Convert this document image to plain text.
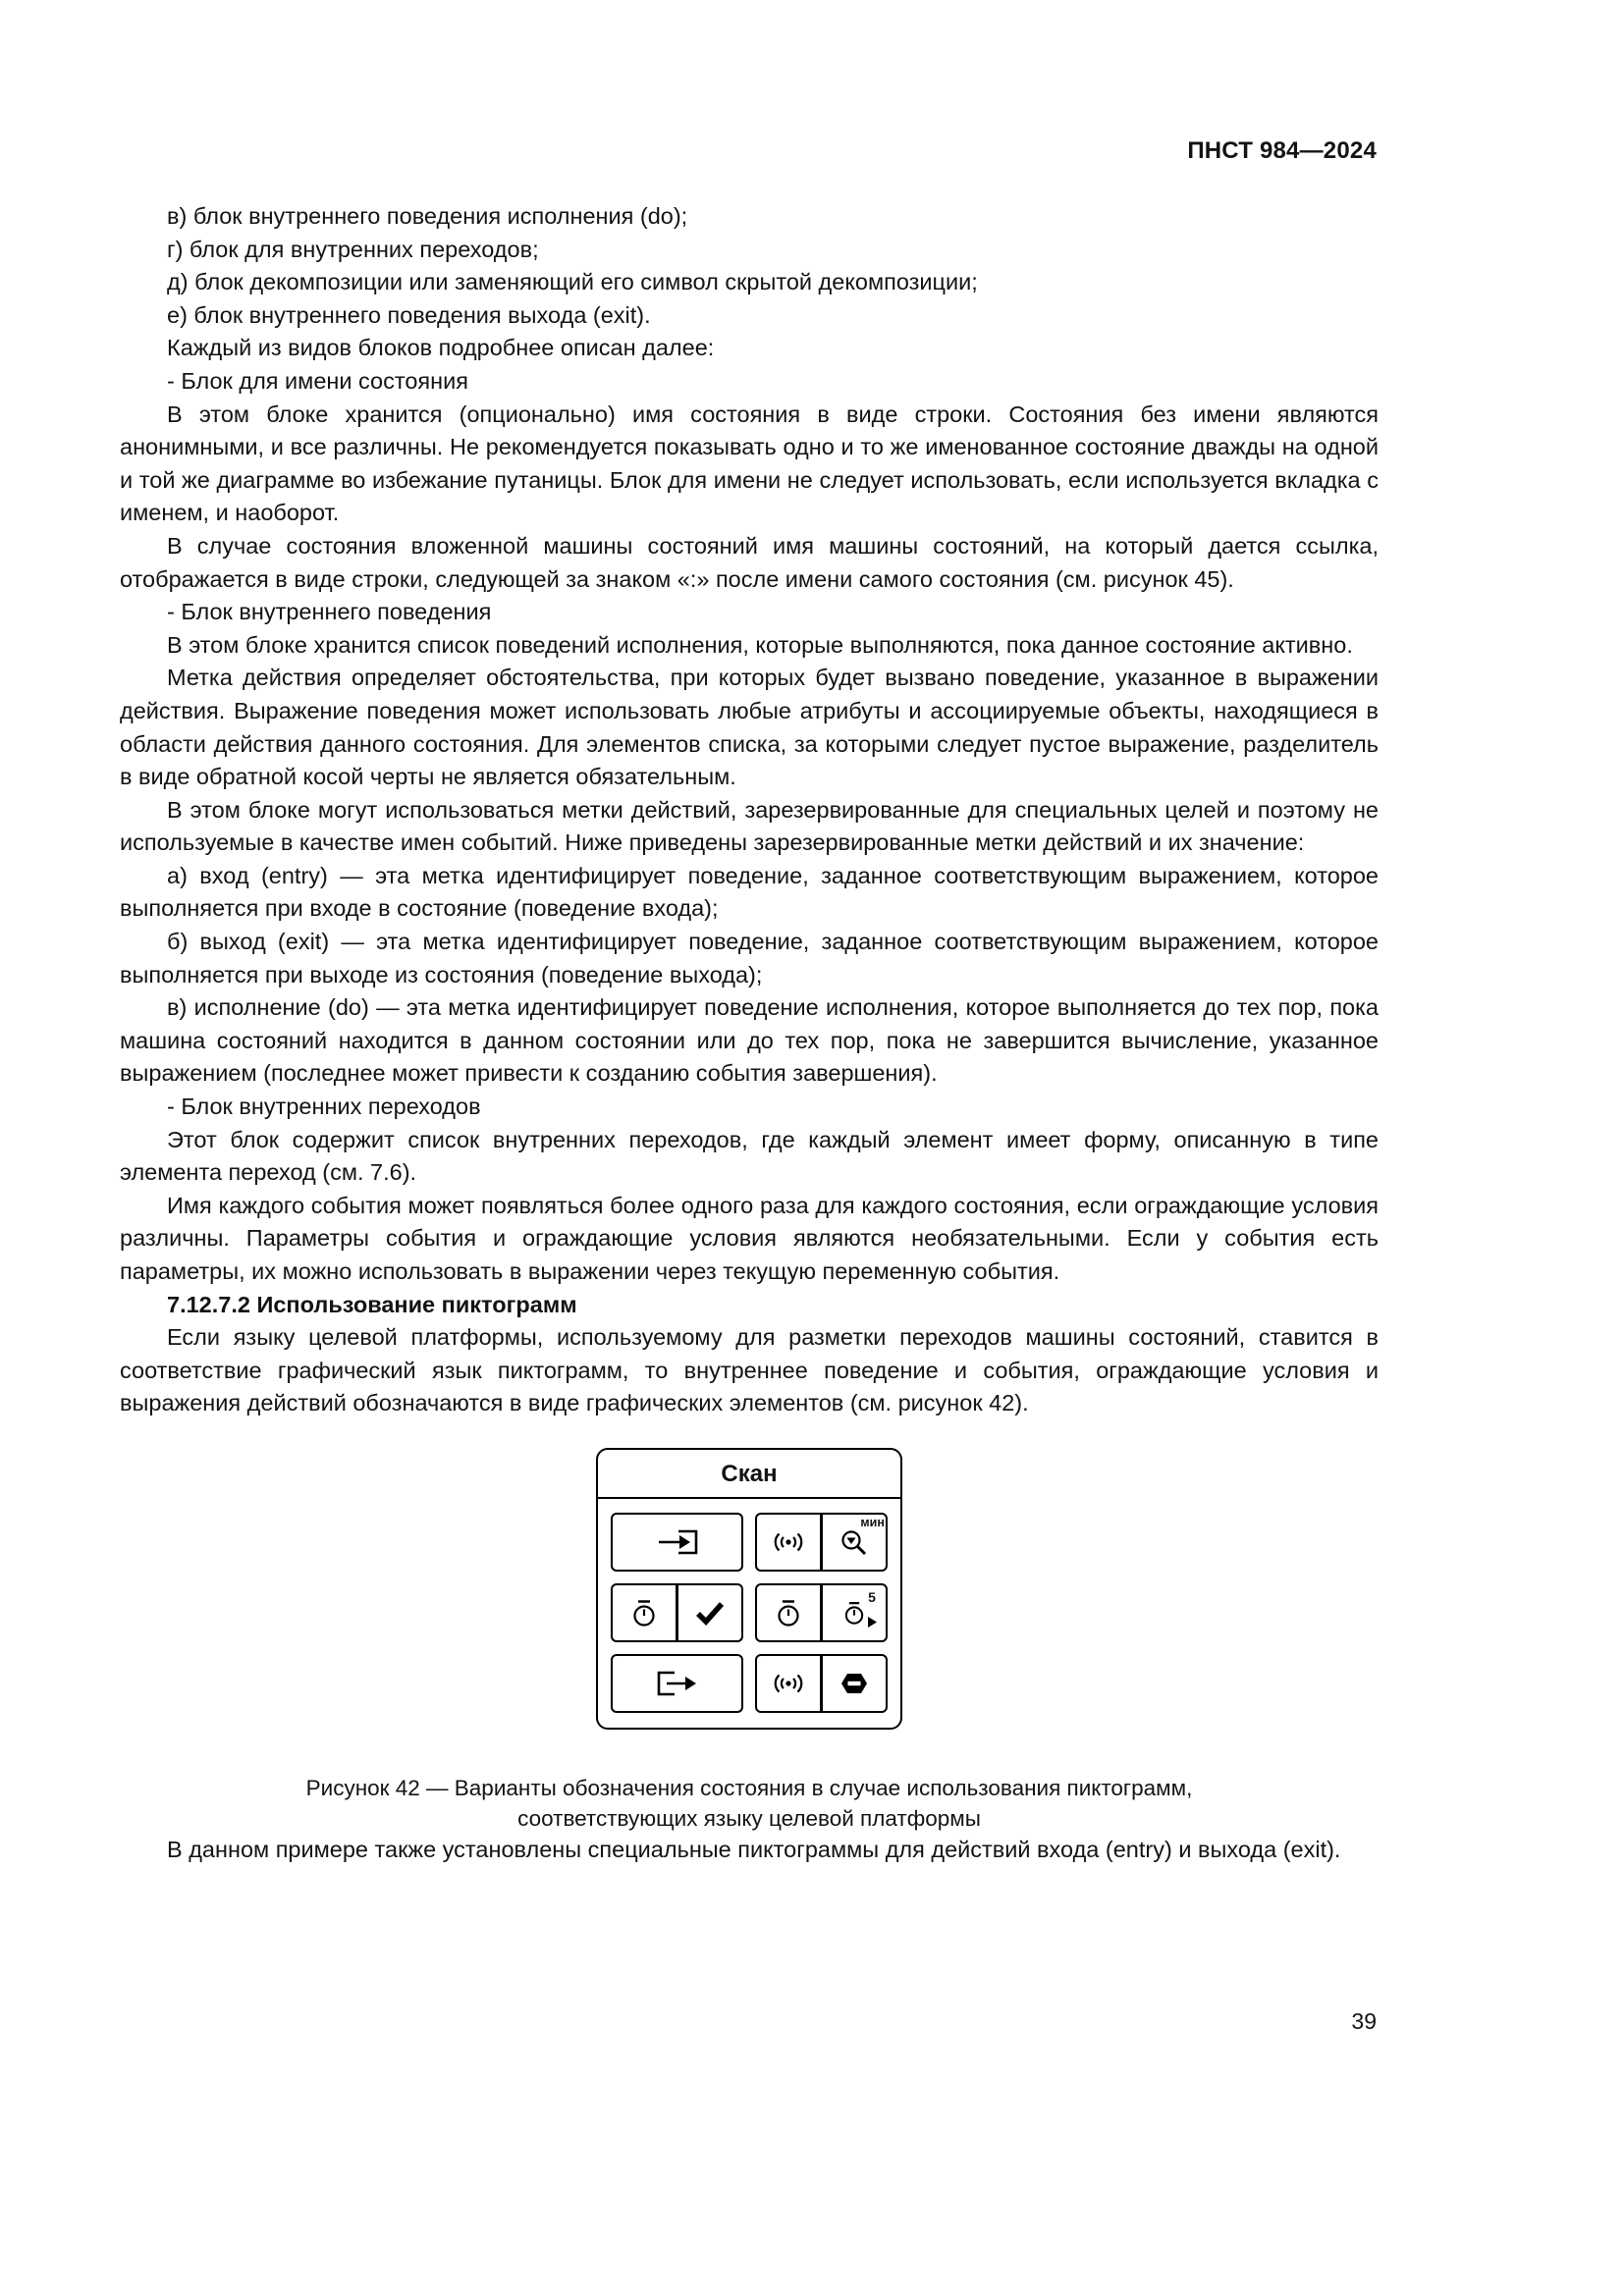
ПНСТ 984—2024

в) блок внутреннего поведения исполнения (do);

г) блок для внутренних переходов;

д) блок декомпозиции или заменяющий его символ скрытой декомпозиции;

е) блок внутреннего поведения выхода (exit).

Каждый из видов блоков подробнее описан далее:

- Блок для имени состояния

В этом блоке хранится (опционально) имя состояния в виде строки. Состояния без имени являются анонимными, и все различны. Не рекомендуется показывать одно и то же именованное состояние дважды на одной и той же диаграмме во избежание путаницы. Блок для имени не следует использовать, если используется вкладка с именем, и наоборот.

В случае состояния вложенной машины состояний имя машины состояний, на который дается ссылка, отображается в виде строки, следующей за знаком «:» после имени самого состояния (см. рисунок 45).

- Блок внутреннего поведения

В этом блоке хранится список поведений исполнения, которые выполняются, пока данное состояние активно.

Метка действия определяет обстоятельства, при которых будет вызвано поведение, указанное в выражении действия. Выражение поведения может использовать любые атрибуты и ассоциируемые объекты, находящиеся в области действия данного состояния. Для элементов списка, за которыми следует пустое выражение, разделитель в виде обратной косой черты не является обязательным.

В этом блоке могут использоваться метки действий, зарезервированные для специальных целей и поэтому не используемые в качестве имен событий. Ниже приведены зарезервированные метки действий и их значение:

а) вход (entry) — эта метка идентифицирует поведение, заданное соответствующим выражением, которое выполняется при входе в состояние (поведение входа);

б) выход (exit) — эта метка идентифицирует поведение, заданное соответствующим выражением, которое выполняется при выходе из состояния (поведение выхода);

в) исполнение (do) — эта метка идентифицирует поведение исполнения, которое выполняется до тех пор, пока машина состояний находится в данном состоянии или до тех пор, пока не завершится вычисление, указанное выражением (последнее может привести к созданию события завершения).

- Блок внутренних переходов

Этот блок содержит список внутренних переходов, где каждый элемент имеет форму, описанную в типе элемента переход (см. 7.6).

Имя каждого события может появляться более одного раза для каждого состояния, если ограждающие условия различны. Параметры события и ограждающие условия являются необязательными. Если у события есть параметры, их можно использовать в выражении через текущую переменную события.

7.12.7.2 Использование пиктограмм

Если языку целевой платформы, используемому для разметки переходов машины состояний, ставится в соответствие графический язык пиктограмм, то внутреннее поведение и события, ограждающие условия и выражения действий обозначаются в виде графических элементов (см. рисунок 42).

Скан
мин
5
Рисунок 42 — Варианты обозначения состояния в случае использования пиктограмм,
соответствующих языку целевой платформы

В данном примере также установлены специальные пиктограммы для действий входа (entry) и выхода (exit).

39
